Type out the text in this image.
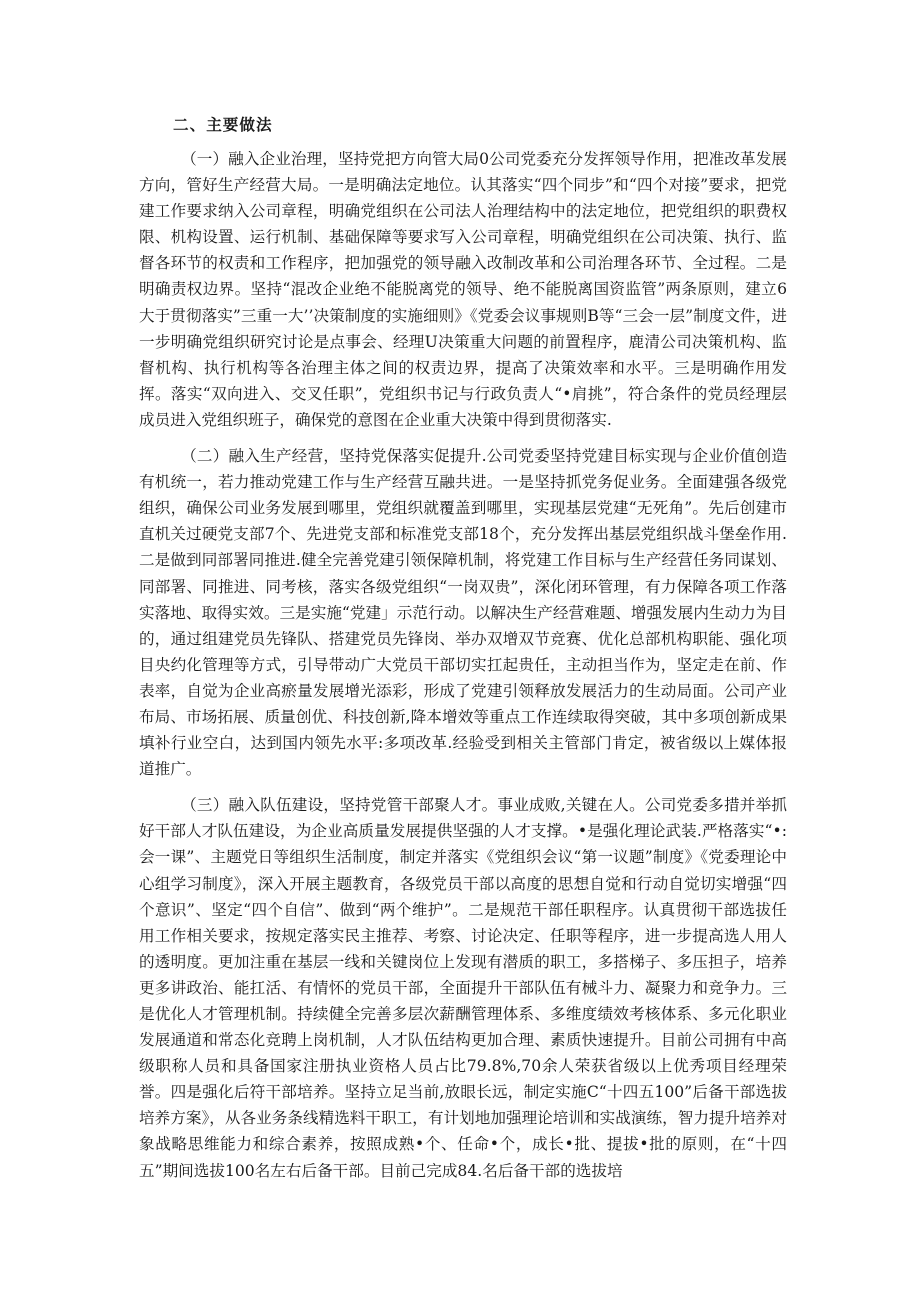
二、主要做法

（一）融入企业治理，坚持党把方向管大局0公司党委充分发挥领导作用，把准改革发展方向，管好生产经营大局。一是明确法定地位。认其落实“四个同步”和“四个对接”要求，把党建工作要求纳入公司章程，明确党组织在公司法人治理结构中的法定地位，把党组织的职费权限、机构设置、运行机制、基础保障等要求写入公司章程，明确党组织在公司决策、执行、监督各环节的权责和工作程序，把加强党的领导融入改制改革和公司治理各环节、全过程。二是明确责权边界。坚持“混改企业绝不能脱离党的领导、绝不能脱离国资监管”两条原则，建立6大于贯彻落实”三重一大’’决策制度的实施细则》《党委会议事规则B等“三会一层”制度文件，进一步明确党组织研究讨论是点事会、经理U决策重大问题的前置程序，鹿清公司决策机构、监督机构、执行机构等各治理主体之间的权责边界，提高了决策效率和水平。三是明确作用发挥。落实“双向进入、交叉任职”，党组织书记与行政负责人“•肩挑”，符合条件的党员经理层成员进入党组织班子，确保党的意图在企业重大决策中得到贯彻落实.

（二）融入生产经营，坚持党保落实促提升.公司党委坚持党建目标实现与企业价值创造有机统一，若力推动党建工作与生产经营互融共进。一是坚持抓党务促业务。全面建强各级党组织，确保公司业务发展到哪里，党组织就覆盖到哪里，实现基层党建“无死角”。先后创建市直机关过硬党支部7个、先进党支部和标准党支部18个，充分发挥出基层党组织战斗堡垒作用.二是做到同部署同推进.健全完善党建引领保障机制，将党建工作目标与生产经营任务同谋划、同部署、同推进、同考核，落实各级党组织“一岗双贵”，深化闭环管理，有力保障各项工作落实落地、取得实效。三是实施“党建」示范行动。以解决生产经营难题、增强发展内生动力为目的，通过组建党员先锋队、搭建党员先锋岗、举办双增双节竞赛、优化总部机构职能、强化项目央约化管理等方式，引导带动广大党员干部切实扛起贵任，主动担当作为，坚定走在前、作表率，自觉为企业高瘀量发展增光添彩，形成了党建引领释放发展活力的生动局面。公司产业布局、市场拓展、质量创优、科技创新,降本增效等重点工作连续取得突破，其中多项创新成果填补行业空白，达到国内领先水平:多项改革.经验受到相关主管部门肯定，被省级以上媒体报道推广。

（三）融入队伍建设，坚持党管干部聚人才。事业成败,关键在人。公司党委多措并举抓好干部人才队伍建设，为企业高质量发展提供坚强的人才支撑。•是强化理论武装.严格落实“•:会一课”、主题党日等组织生活制度，制定并落实《党组织会议“第一议题”制度》《党委理论中心组学习制度》，深入开展主题教育，各级党员干部以高度的思想自觉和行动自觉切实增强“四个意识”、坚定“四个自信”、做到“两个维护”。二是规范干部任职程序。认真贯彻干部选拔任用工作相关要求，按规定落实民主推荐、考察、讨论决定、任职等程序，进一步提高选人用人的透明度。更加注重在基层一线和关键岗位上发现有潜质的职工，多搭梯子、多压担子，培养更多讲政治、能扛活、有情怀的党员干部，全面提升干部队伍有械斗力、凝聚力和竞争力。三是优化人才管理机制。持续健全完善多层次薪酬管理体系、多维度绩效考核体系、多元化职业发展通道和常态化竞聘上岗机制，人才队伍结构更加合理、素质快速提升。目前公司拥有中高级职称人员和具备国家注册执业资格人员占比79.8%,70余人荣获省级以上优秀项目经理荣誉。四是强化后符干部培养。坚持立足当前,放眼长远，制定实施C“十四五100”后备干部选拔培养方案》，从各业务条线精选料干职工，有计划地加强理论培训和实战演练，智力提升培养对象战略思维能力和综合素养，按照成熟•个、任命•个，成长•批、提拔•批的原则，在“十四五”期间选拔100名左右后备干部。目前己完成84.名后备干部的选拔培
